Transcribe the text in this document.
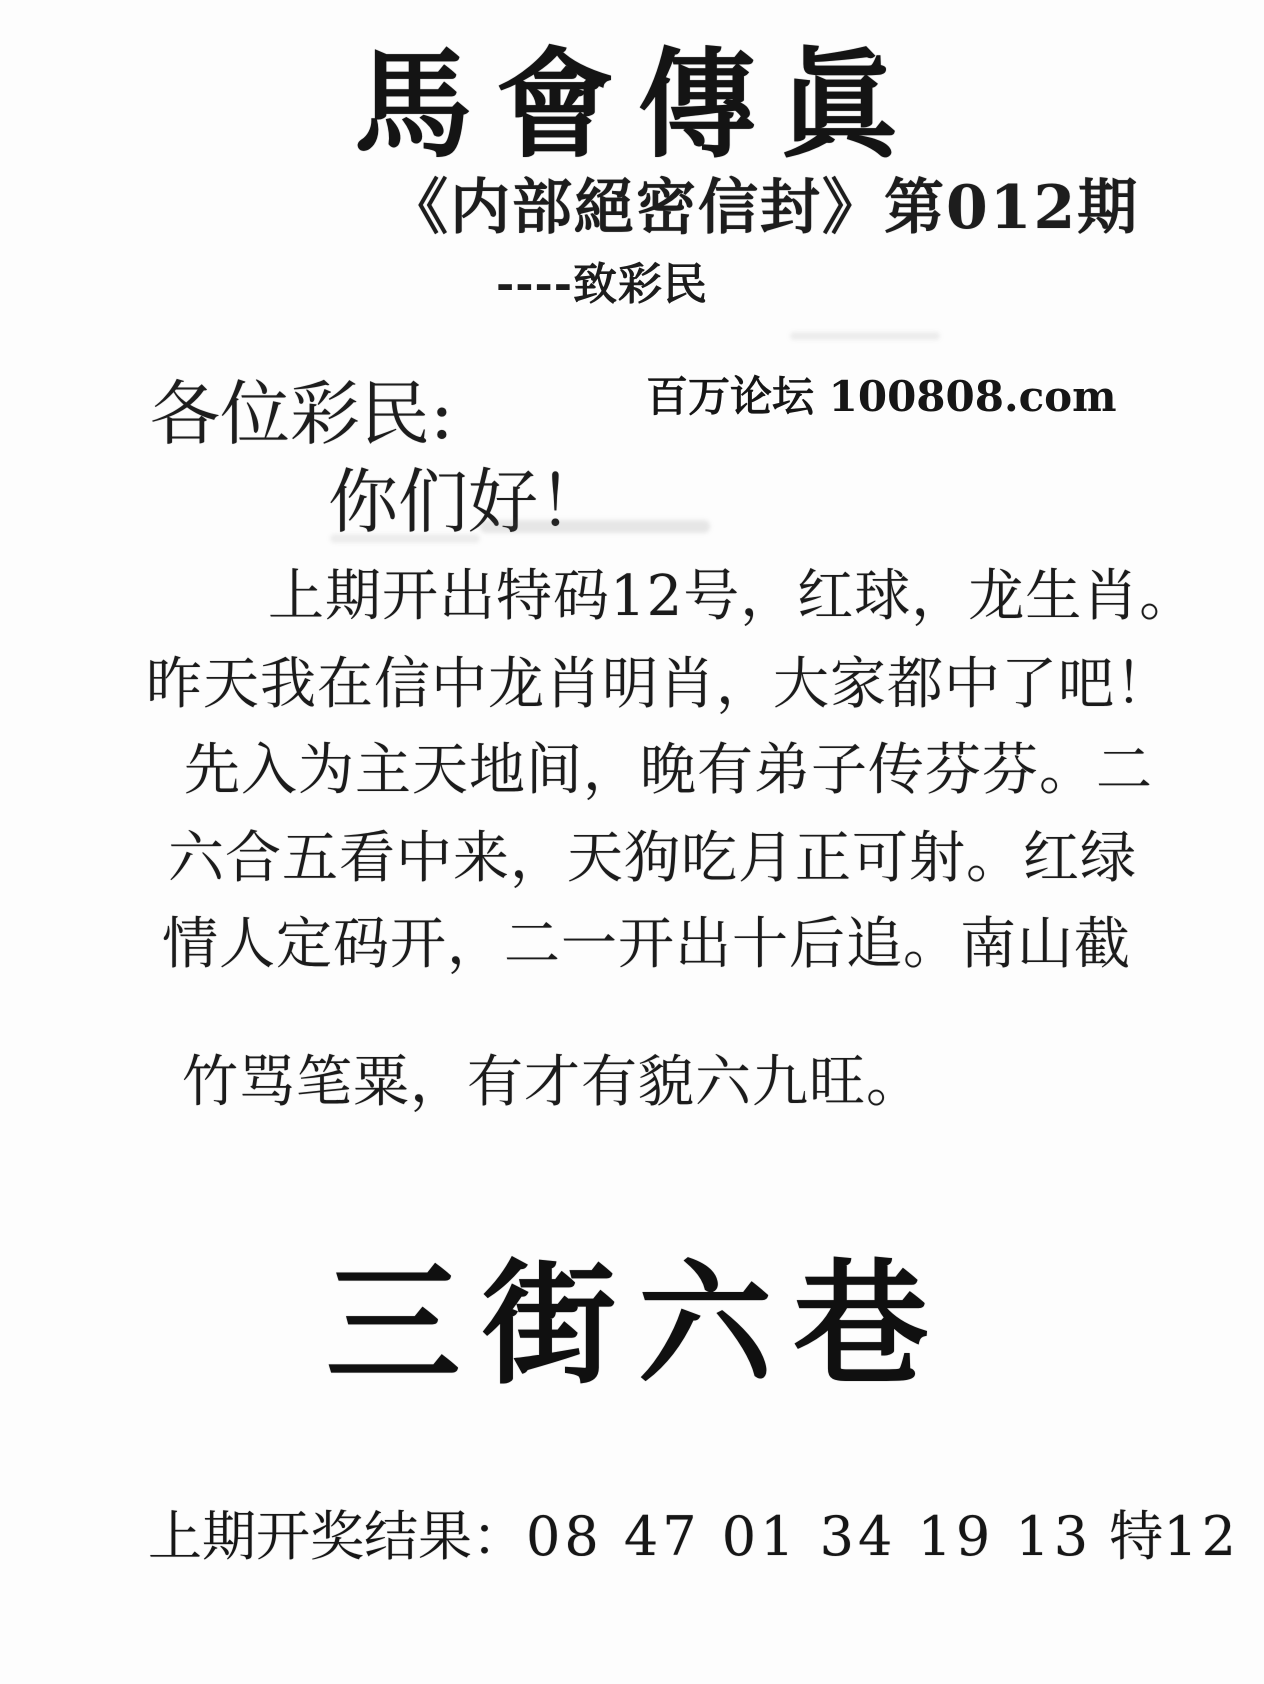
馬會傳眞
《内部絕密信封》第012期
----致彩民
各位彩民:	百万论坛 100808.com
你们好！
上期开出特码12号，红球，龙生肖。
昨天我在信中龙肖明肖，大家都中了吧！
先入为主天地间，晚有弟子传芬芬。二
六合五看中来，天狗吃月正可射。红绿
情人定码开，二一开出十后追。南山截
竹骂笔粟，有才有貌六九旺。
三街六巷
上期开奖结果：08 47 01 34 19 13 特12
